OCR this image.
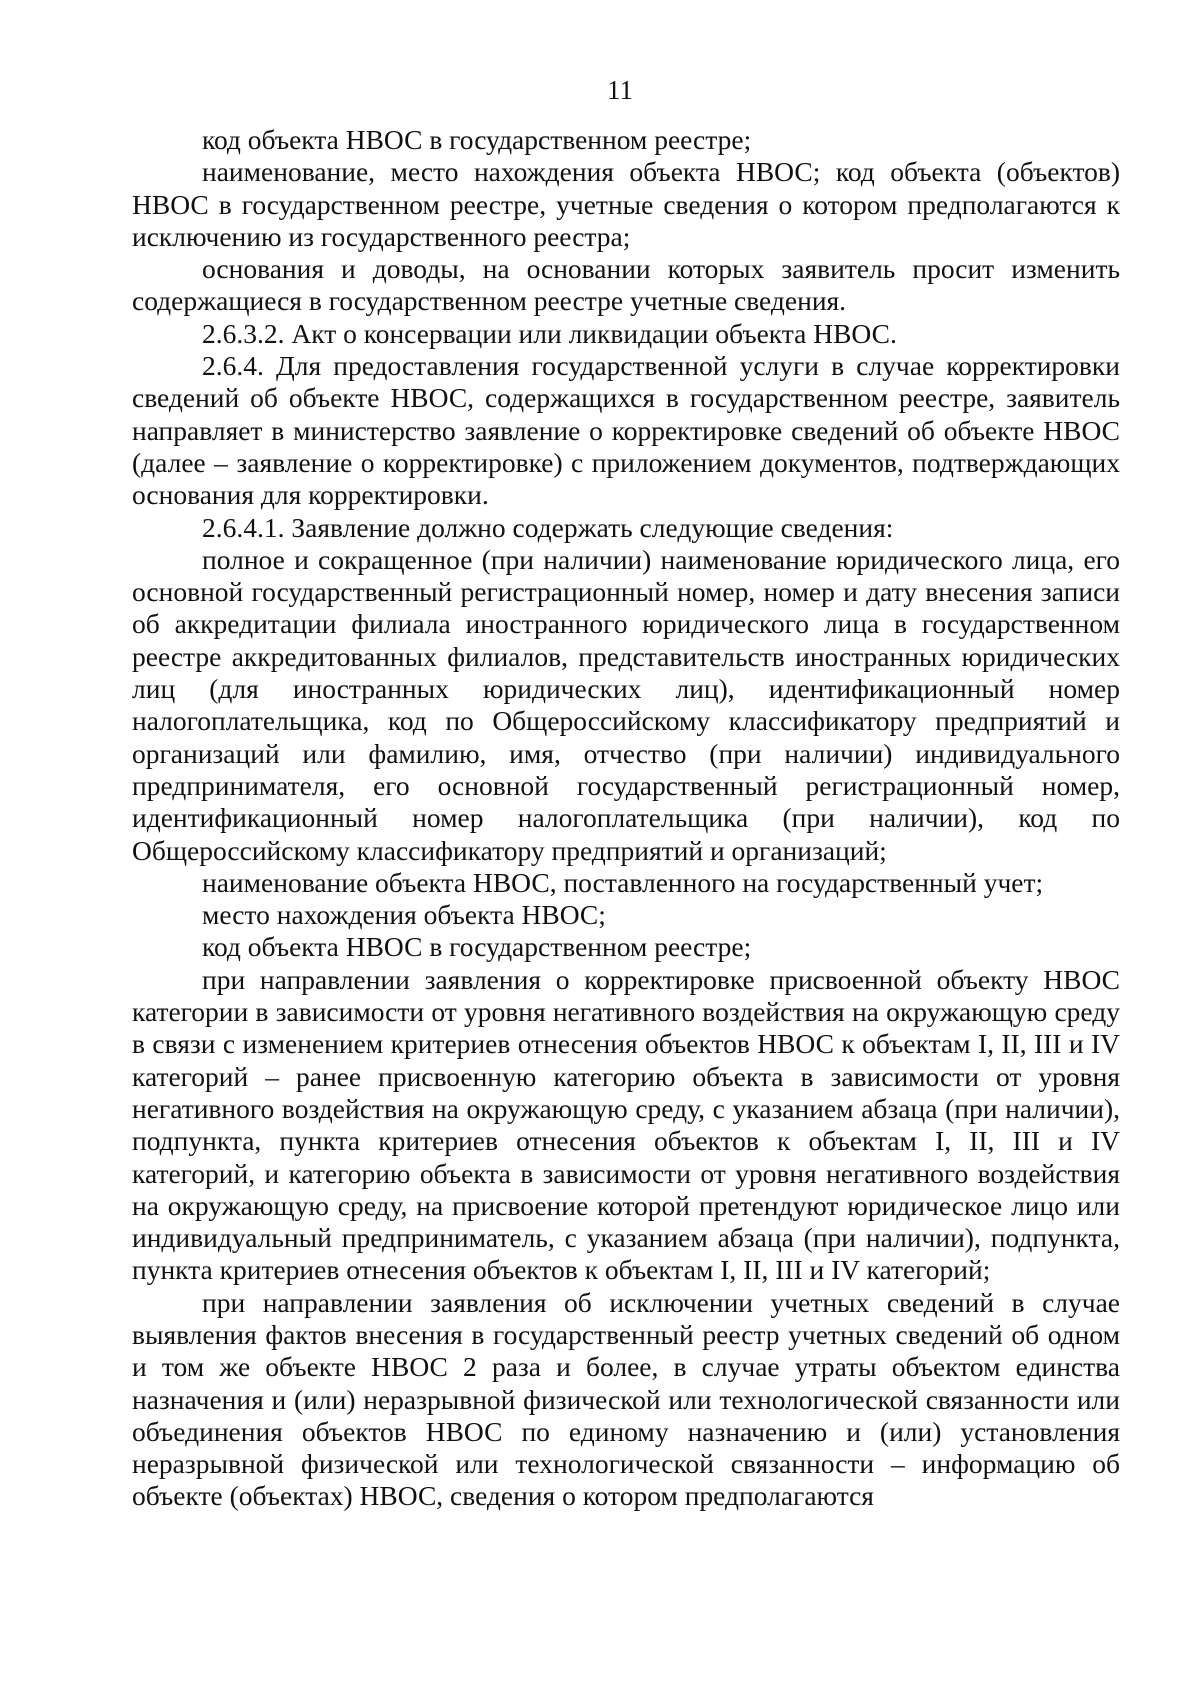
11

код объекта НВОС в государственном реестре;

наименование, место нахождения объекта НВОС; код объекта (объектов) НВОС в государственном реестре, учетные сведения о котором предполагаются к исключению из государственного реестра;

основания и доводы, на основании которых заявитель просит изменить содержащиеся в государственном реестре учетные сведения.

2.6.3.2. Акт о консервации или ликвидации объекта НВОС.

2.6.4. Для предоставления государственной услуги в случае корректировки сведений об объекте НВОС, содержащихся в государственном реестре, заявитель направляет в министерство заявление о корректировке сведений об объекте НВОС (далее – заявление о корректировке) с приложением документов, подтверждающих основания для корректировки.

2.6.4.1. Заявление должно содержать следующие сведения:

полное и сокращенное (при наличии) наименование юридического лица, его основной государственный регистрационный номер, номер и дату внесения записи об аккредитации филиала иностранного юридического лица в государственном реестре аккредитованных филиалов, представительств иностранных юридических лиц (для иностранных юридических лиц), идентификационный номер налогоплательщика, код по Общероссийскому классификатору предприятий и организаций или фамилию, имя, отчество (при наличии) индивидуального предпринимателя, его основной государственный регистрационный номер, идентификационный номер налогоплательщика (при наличии), код по Общероссийскому классификатору предприятий и организаций;

наименование объекта НВОС, поставленного на государственный учет;

место нахождения объекта НВОС;

код объекта НВОС в государственном реестре;

при направлении заявления о корректировке присвоенной объекту НВОС категории в зависимости от уровня негативного воздействия на окружающую среду в связи с изменением критериев отнесения объектов НВОС к объектам I, II, III и IV категорий – ранее присвоенную категорию объекта в зависимости от уровня негативного воздействия на окружающую среду, с указанием абзаца (при наличии), подпункта, пункта критериев отнесения объектов к объектам I, II, III и IV категорий, и категорию объекта в зависимости от уровня негативного воздействия на окружающую среду, на присвоение которой претендуют юридическое лицо или индивидуальный предприниматель, с указанием абзаца (при наличии), подпункта, пункта критериев отнесения объектов к объектам I, II, III и IV категорий;

при направлении заявления об исключении учетных сведений в случае выявления фактов внесения в государственный реестр учетных сведений об одном и том же объекте НВОС 2 раза и более, в случае утраты объектом единства назначения и (или) неразрывной физической или технологической связанности или объединения объектов НВОС по единому назначению и (или) установления неразрывной физической или технологической связанности – информацию об объекте (объектах) НВОС, сведения о котором предполагаются
